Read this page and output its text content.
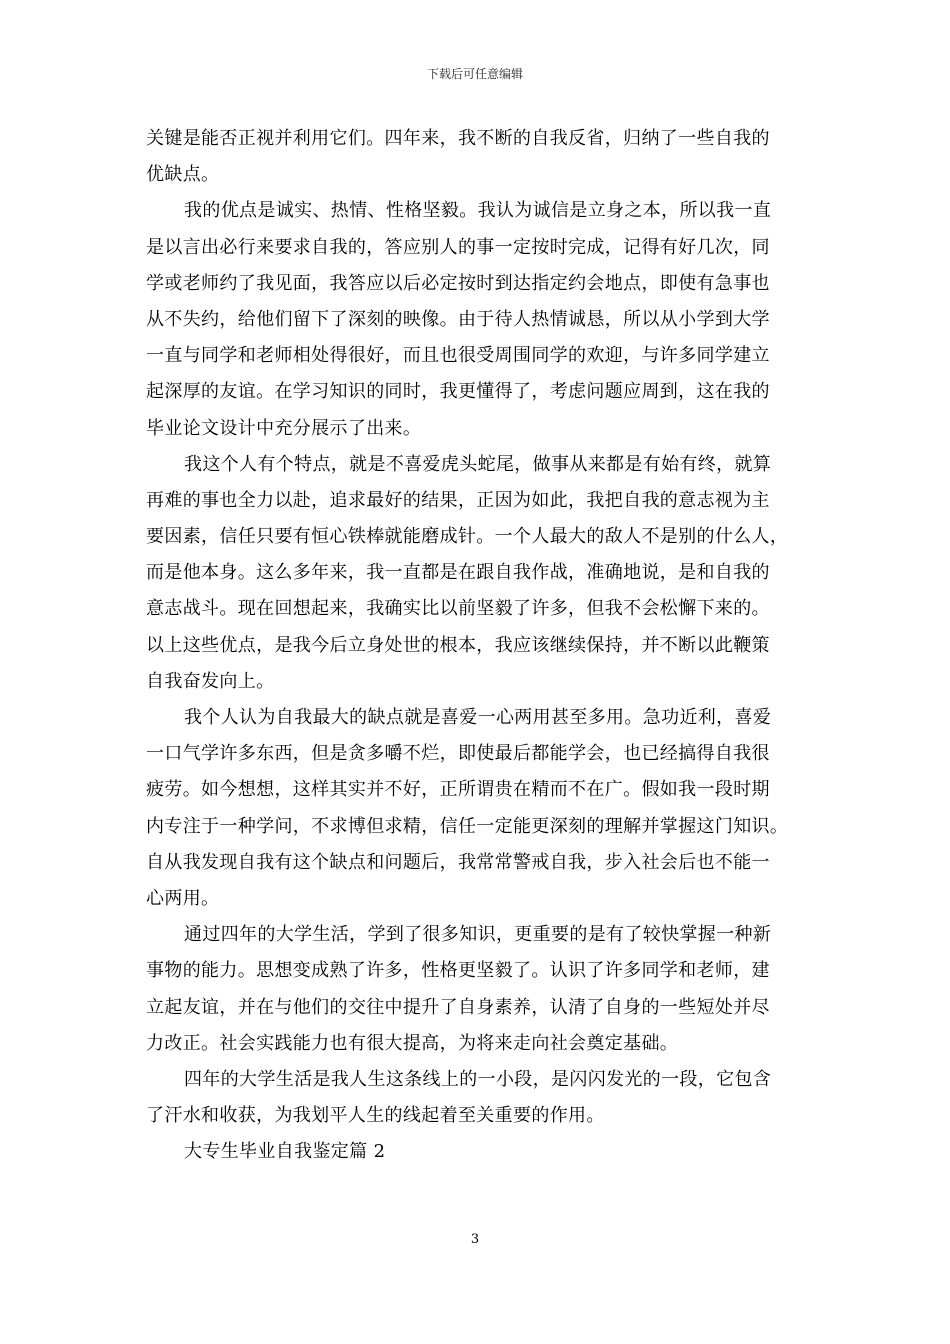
下载后可任意编辑
关键是能否正视并利用它们。四年来，我不断的自我反省，归纳了一些自我的
优缺点。
我的优点是诚实、热情、性格坚毅。我认为诚信是立身之本，所以我一直
是以言出必行来要求自我的，答应别人的事一定按时完成，记得有好几次，同
学或老师约了我见面，我答应以后必定按时到达指定约会地点，即使有急事也
从不失约，给他们留下了深刻的映像。由于待人热情诚恳，所以从小学到大学
一直与同学和老师相处得很好，而且也很受周围同学的欢迎，与许多同学建立
起深厚的友谊。在学习知识的同时，我更懂得了，考虑问题应周到，这在我的
毕业论文设计中充分展示了出来。
我这个人有个特点，就是不喜爱虎头蛇尾，做事从来都是有始有终，就算
再难的事也全力以赴，追求最好的结果，正因为如此，我把自我的意志视为主
要因素，信任只要有恒心铁棒就能磨成针。一个人最大的敌人不是别的什么人，
而是他本身。这么多年来，我一直都是在跟自我作战，准确地说，是和自我的
意志战斗。现在回想起来，我确实比以前坚毅了许多，但我不会松懈下来的。
以上这些优点，是我今后立身处世的根本，我应该继续保持，并不断以此鞭策
自我奋发向上。
我个人认为自我最大的缺点就是喜爱一心两用甚至多用。急功近利，喜爱
一口气学许多东西，但是贪多嚼不烂，即使最后都能学会，也已经搞得自我很
疲劳。如今想想，这样其实并不好，正所谓贵在精而不在广。假如我一段时期
内专注于一种学问，不求博但求精，信任一定能更深刻的理解并掌握这门知识。
自从我发现自我有这个缺点和问题后，我常常警戒自我，步入社会后也不能一
心两用。
通过四年的大学生活，学到了很多知识，更重要的是有了较快掌握一种新
事物的能力。思想变成熟了许多，性格更坚毅了。认识了许多同学和老师，建
立起友谊，并在与他们的交往中提升了自身素养，认清了自身的一些短处并尽
力改正。社会实践能力也有很大提高，为将来走向社会奠定基础。
四年的大学生活是我人生这条线上的一小段，是闪闪发光的一段，它包含
了汗水和收获，为我划平人生的线起着至关重要的作用。
大专生毕业自我鉴定篇 2
3
